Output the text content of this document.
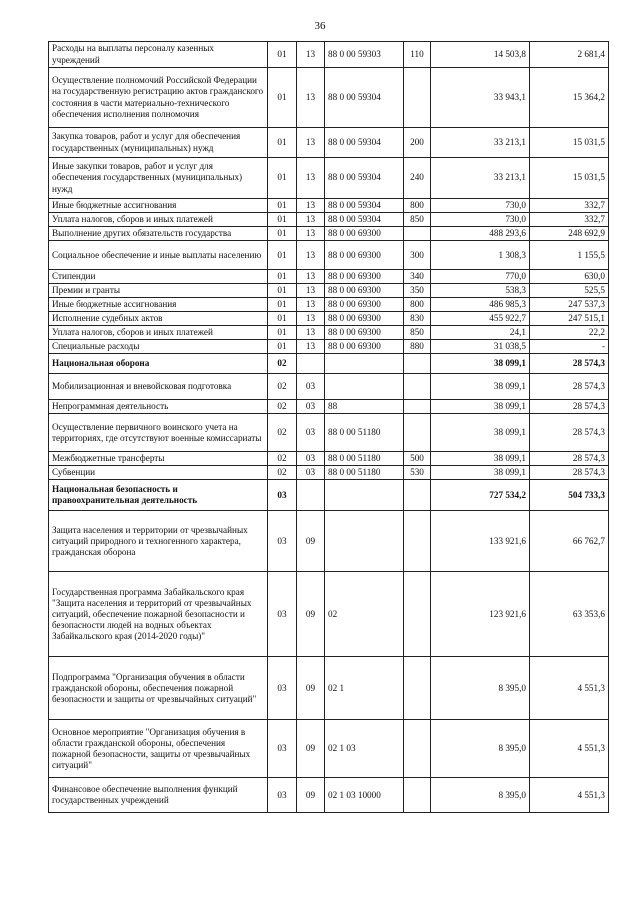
36
Расходы на выплаты персоналу казенных учреждений	01	13	88 0 00 59303	110	14 503,8	2 681,4
Осуществление полномочий Российской Федерации на государственную регистрацию актов гражданского состояния в части материально-технического обеспечения исполнения полномочия	01	13	88 0 00 59304		33 943,1	15 364,2
Закупка товаров, работ и услуг для обеспечения государственных (муниципальных) нужд	01	13	88 0 00 59304	200	33 213,1	15 031,5
Иные закупки товаров, работ и услуг для обеспечения государственных (муниципальных) нужд	01	13	88 0 00 59304	240	33 213,1	15 031,5
Иные бюджетные ассигнования	01	13	88 0 00 59304	800	730,0	332,7
Уплата налогов, сборов и иных платежей	01	13	88 0 00 59304	850	730,0	332,7
Выполнение других обязательств государства	01	13	88 0 00 69300		488 293,6	248 692,9
Социальное обеспечение и иные выплаты населению	01	13	88 0 00 69300	300	1 308,3	1 155,5
Стипендии	01	13	88 0 00 69300	340	770,0	630,0
Премии и гранты	01	13	88 0 00 69300	350	538,3	525,5
Иные бюджетные ассигнования	01	13	88 0 00 69300	800	486 985,3	247 537,3
Исполнение судебных актов	01	13	88 0 00 69300	830	455 922,7	247 515,1
Уплата налогов, сборов и иных платежей	01	13	88 0 00 69300	850	24,1	22,2
Специальные расходы	01	13	88 0 00 69300	880	31 038,5	-
Национальная оборона	02				38 099,1	28 574,3
Мобилизационная и вневойсковая подготовка	02	03			38 099,1	28 574,3
Непрограммная деятельность	02	03	88		38 099,1	28 574,3
Осуществление первичного воинского учета на территориях, где отсутствуют военные комиссариаты	02	03	88 0 00 51180		38 099,1	28 574,3
Межбюджетные трансферты	02	03	88 0 00 51180	500	38 099,1	28 574,3
Субвенции	02	03	88 0 00 51180	530	38 099,1	28 574,3
Национальная безопасность и правоохранительная деятельность	03				727 534,2	504 733,3
Защита населения и территории от чрезвычайных ситуаций природного и техногенного характера, гражданская оборона	03	09			133 921,6	66 762,7
Государственная программа Забайкальского края "Защита населения и территорий от чрезвычайных ситуаций, обеспечение пожарной безопасности и безопасности людей на водных объектах Забайкальского края (2014-2020 годы)"	03	09	02		123 921,6	63 353,6
Подпрограмма "Организация обучения в области гражданской обороны, обеспечения пожарной безопасности и защиты от чрезвычайных ситуаций"	03	09	02 1		8 395,0	4 551,3
Основное мероприятие "Организация обучения в области гражданской обороны, обеспечения пожарной безопасности, защиты от чрезвычайных ситуаций"	03	09	02 1 03		8 395,0	4 551,3
Финансовое обеспечение выполнения функций государственных учреждений	03	09	02 1 03 10000		8 395,0	4 551,3
